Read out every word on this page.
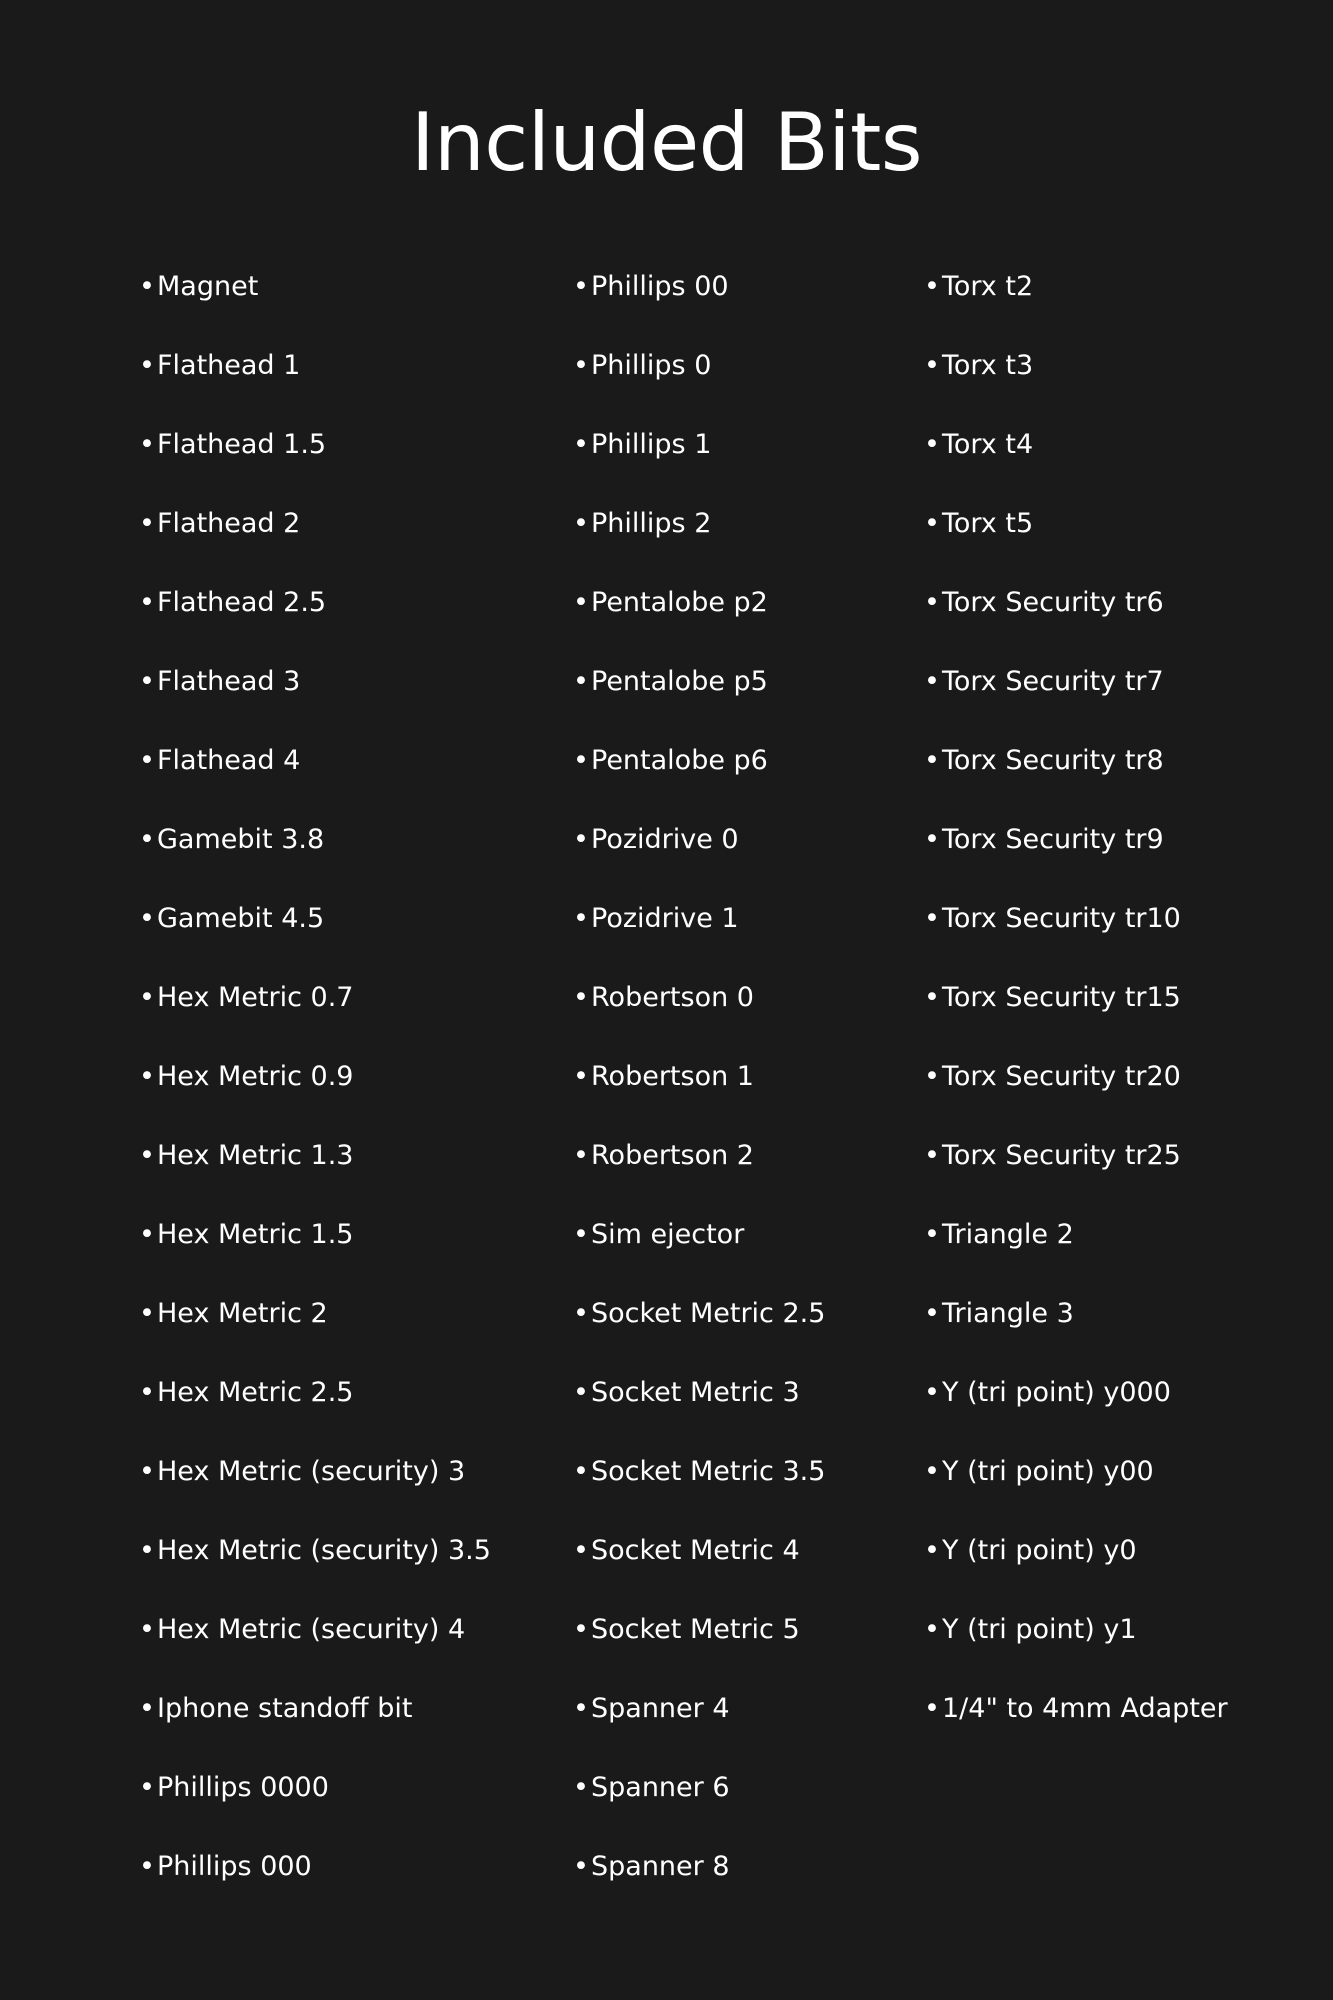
Included Bits
•Magnet
•Flathead 1
•Flathead 1.5
•Flathead 2
•Flathead 2.5
•Flathead 3
•Flathead 4
•Gamebit 3.8
•Gamebit 4.5
•Hex Metric 0.7
•Hex Metric 0.9
•Hex Metric 1.3
•Hex Metric 1.5
•Hex Metric 2
•Hex Metric 2.5
•Hex Metric (security) 3
•Hex Metric (security) 3.5
•Hex Metric (security) 4
•Iphone standoff bit
•Phillips 0000
•Phillips 000
•Phillips 00
•Phillips 0
•Phillips 1
•Phillips 2
•Pentalobe p2
•Pentalobe p5
•Pentalobe p6
•Pozidrive 0
•Pozidrive 1
•Robertson 0
•Robertson 1
•Robertson 2
•Sim ejector
•Socket Metric 2.5
•Socket Metric 3
•Socket Metric 3.5
•Socket Metric 4
•Socket Metric 5
•Spanner 4
•Spanner 6
•Spanner 8
•Torx t2
•Torx t3
•Torx t4
•Torx t5
•Torx Security tr6
•Torx Security tr7
•Torx Security tr8
•Torx Security tr9
•Torx Security tr10
•Torx Security tr15
•Torx Security tr20
•Torx Security tr25
•Triangle 2
•Triangle 3
•Y (tri point) y000
•Y (tri point) y00
•Y (tri point) y0
•Y (tri point) y1
•1/4" to 4mm Adapter
